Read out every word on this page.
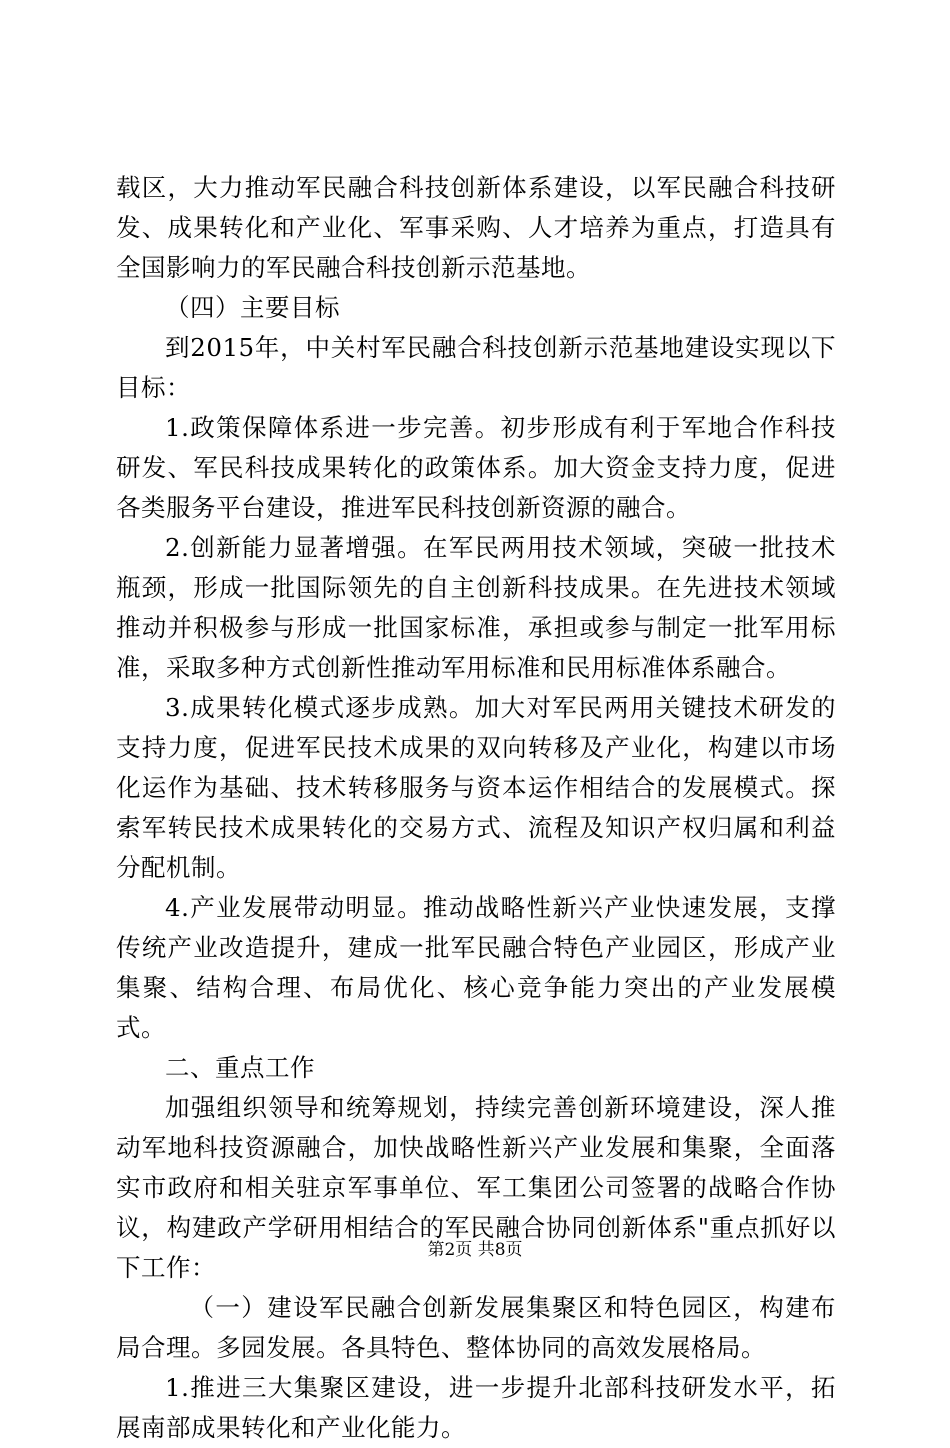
载区，大力推动军民融合科技创新体系建设，以军民融合科技研发、成果转化和产业化、军事采购、人才培养为重点，打造具有全国影响力的军民融合科技创新示范基地。

（四）主要目标

到2015年，中关村军民融合科技创新示范基地建设实现以下目标：

1.政策保障体系进一步完善。初步形成有利于军地合作科技研发、军民科技成果转化的政策体系。加大资金支持力度，促进各类服务平台建设，推进军民科技创新资源的融合。

2.创新能力显著增强。在军民两用技术领域，突破一批技术瓶颈，形成一批国际领先的自主创新科技成果。在先进技术领域推动并积极参与形成一批国家标准，承担或参与制定一批军用标准，采取多种方式创新性推动军用标准和民用标准体系融合。

3.成果转化模式逐步成熟。加大对军民两用关键技术研发的支持力度，促进军民技术成果的双向转移及产业化，构建以市场化运作为基础、技术转移服务与资本运作相结合的发展模式。探索军转民技术成果转化的交易方式、流程及知识产权归属和利益分配机制。

4.产业发展带动明显。推动战略性新兴产业快速发展，支撑传统产业改造提升，建成一批军民融合特色产业园区，形成产业集聚、结构合理、布局优化、核心竞争能力突出的产业发展模式。

二、重点工作

加强组织领导和统筹规划，持续完善创新环境建设，深人推动军地科技资源融合，加快战略性新兴产业发展和集聚，全面落实市政府和相关驻京军事单位、军工集团公司签署的战略合作协议，构建政产学研用相结合的军民融合协同创新体系"重点抓好以下工作：

（一）建设军民融合创新发展集聚区和特色园区，构建布局合理。多园发展。各具特色、整体协同的高效发展格局。

1.推进三大集聚区建设，进一步提升北部科技研发水平，拓展南部成果转化和产业化能力。

第2页 共8页
